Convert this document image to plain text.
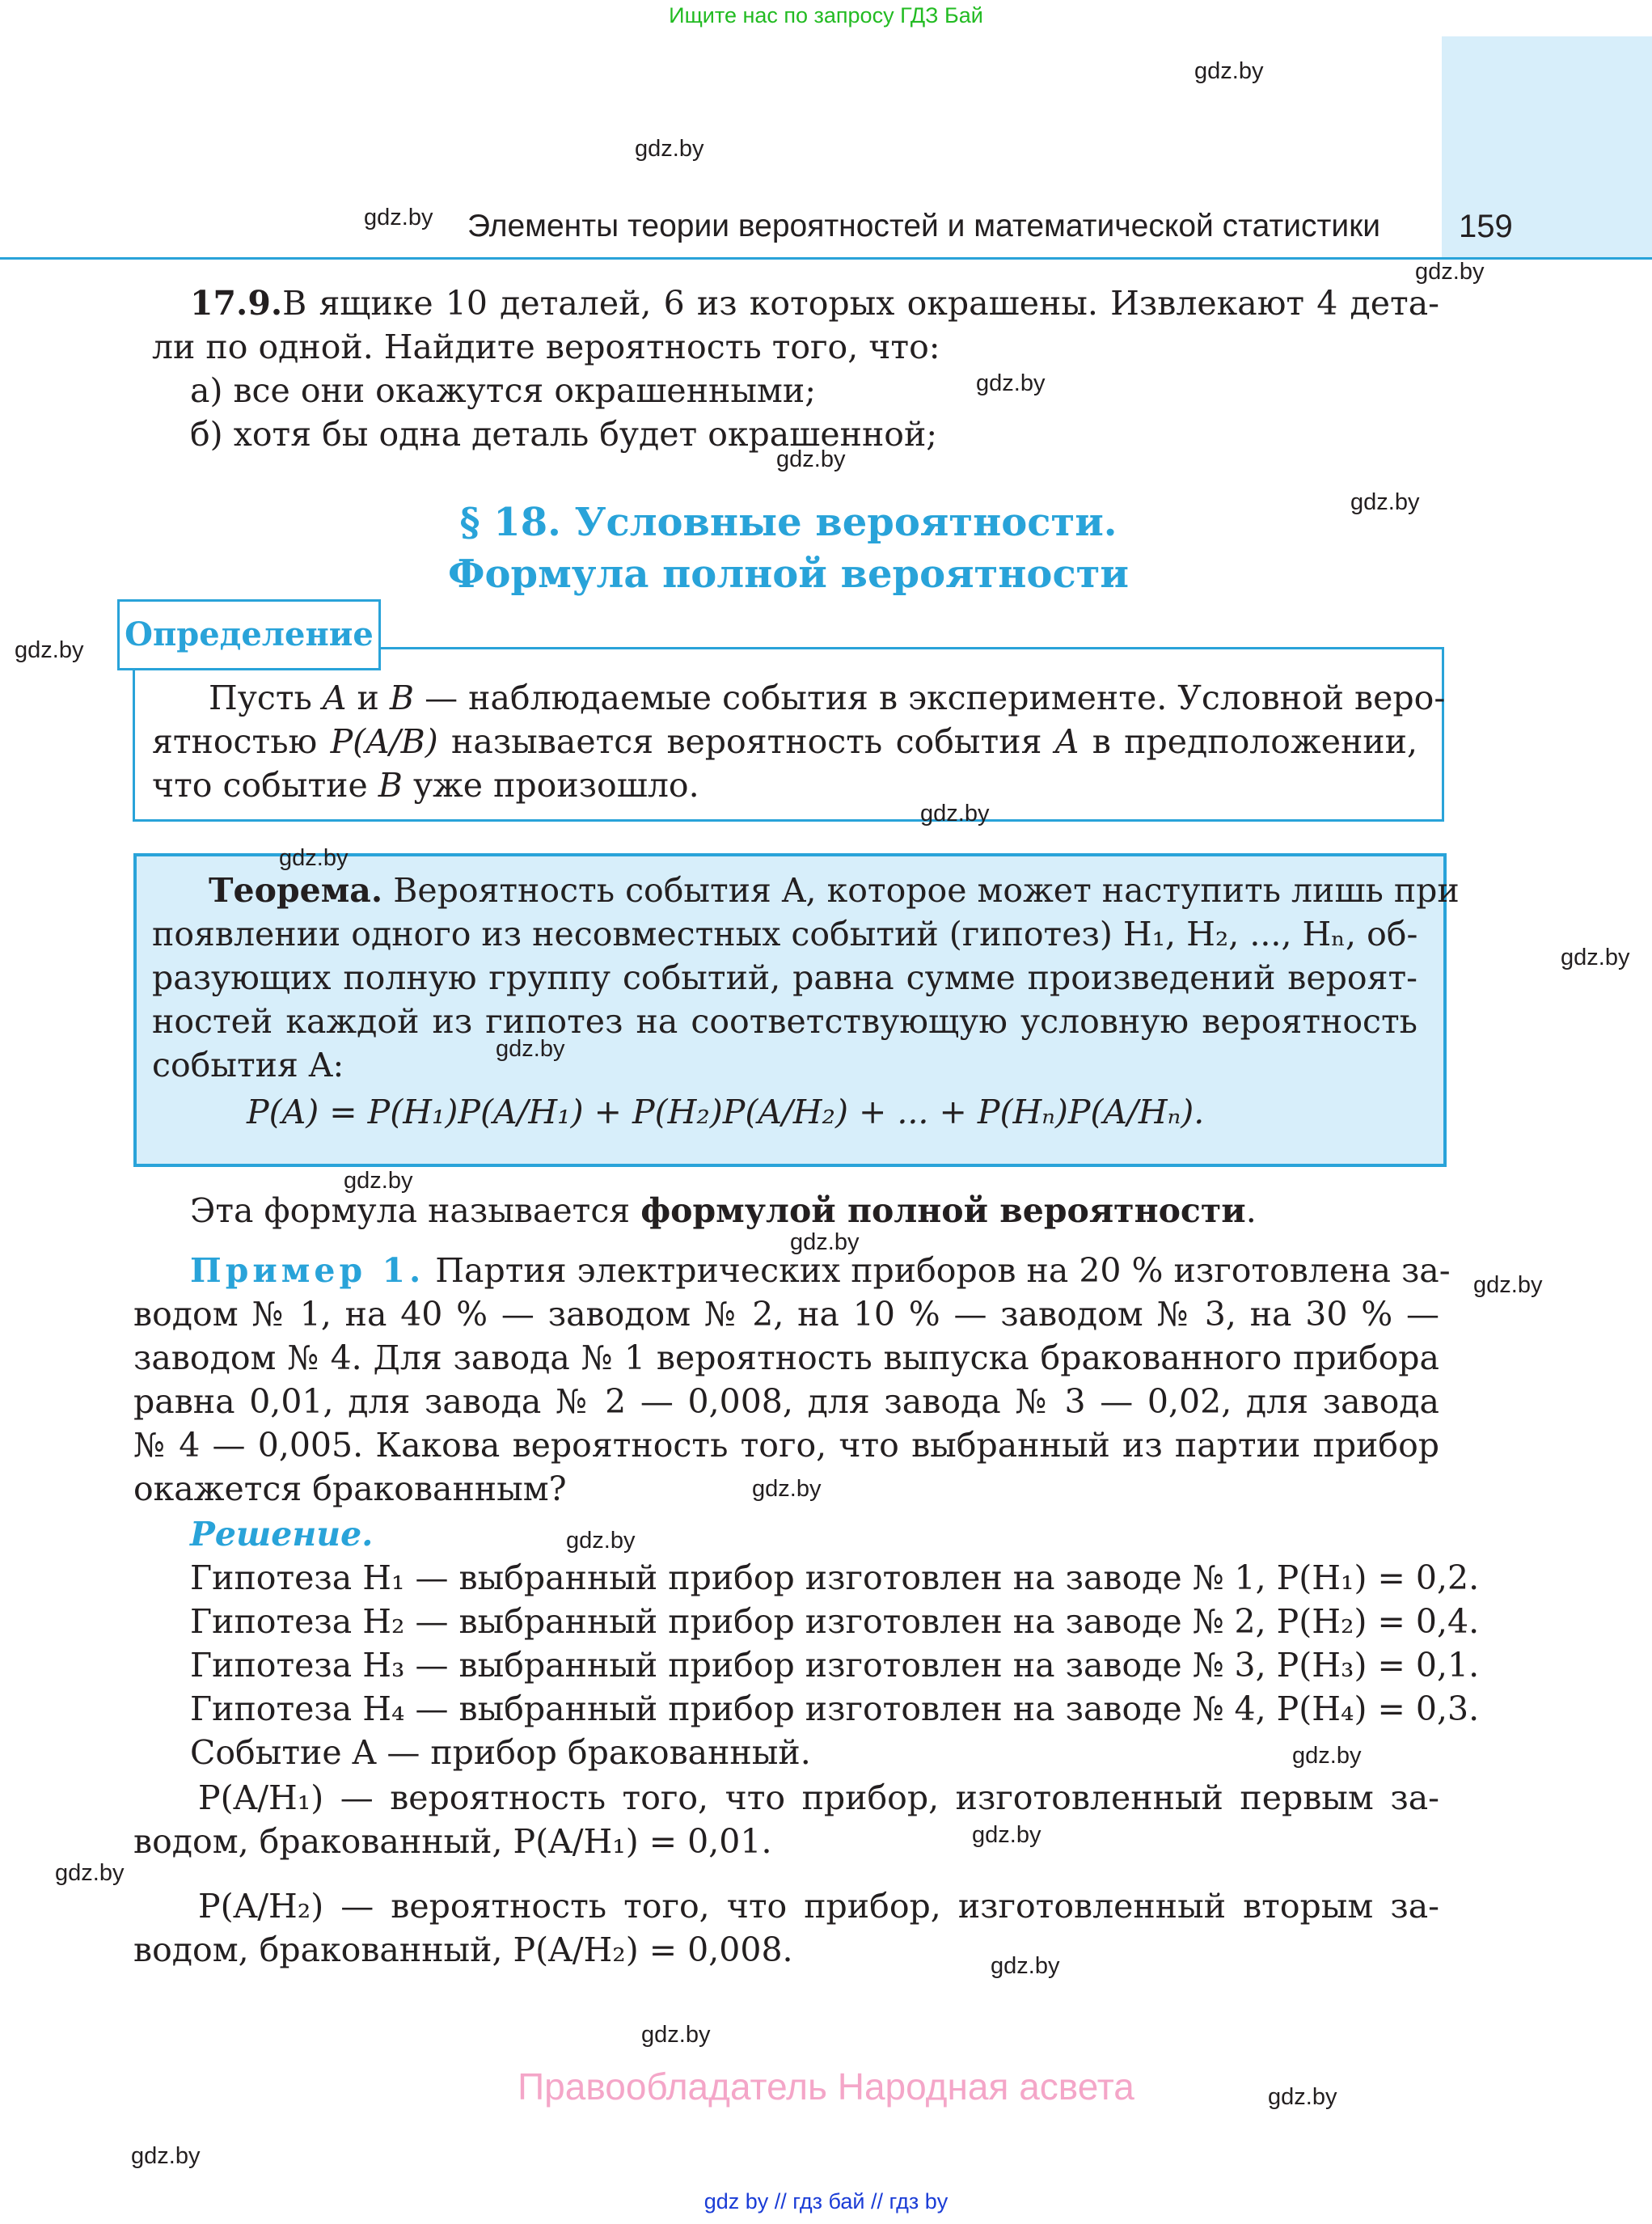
Ищите нас по запросу ГДЗ Бай
Элементы теории вероятностей и математической статистики 159
17.9.В ящике 10 деталей, 6 из которых окрашены. Извлекают 4 дета-
ли по одной. Найдите вероятность того, что:
а) все они окажутся окрашенными;
б) хотя бы одна деталь будет окрашенной;
§ 18. Условные вероятности.
Формула полной вероятности
Определение
Пусть A и B — наблюдаемые события в эксперименте. Условной веро-
ятностью P(A/B) называется вероятность события A в предположении,
что событие B уже произошло.
Теорема. Вероятность события A, которое может наступить лишь при
появлении одного из несовместных событий (гипотез) H₁, H₂, ..., Hₙ, об-
разующих полную группу событий, равна сумме произведений вероят-
ностей каждой из гипотез на соответствующую условную вероятность
события A:
P(A) = P(H₁)P(A/H₁) + P(H₂)P(A/H₂) + ... + P(Hₙ)P(A/Hₙ).
Эта формула называется формулой полной вероятности.
Пример 1. Партия электрических приборов на 20 % изготовлена за-
водом № 1, на 40 % — заводом № 2, на 10 % — заводом № 3, на 30 % —
заводом № 4. Для завода № 1 вероятность выпуска бракованного прибора
равна 0,01, для завода № 2 — 0,008, для завода № 3 — 0,02, для завода
№ 4 — 0,005. Какова вероятность того, что выбранный из партии прибор
окажется бракованным?
Решение.
Гипотеза H₁ — выбранный прибор изготовлен на заводе № 1, P(H₁) = 0,2.
Гипотеза H₂ — выбранный прибор изготовлен на заводе № 2, P(H₂) = 0,4.
Гипотеза H₃ — выбранный прибор изготовлен на заводе № 3, P(H₃) = 0,1.
Гипотеза H₄ — выбранный прибор изготовлен на заводе № 4, P(H₄) = 0,3.
Событие A — прибор бракованный.
P(A/H₁) — вероятность того, что прибор, изготовленный первым за-
водом, бракованный, P(A/H₁) = 0,01.
P(A/H₂) — вероятность того, что прибор, изготовленный вторым за-
водом, бракованный, P(A/H₂) = 0,008.
Правообладатель Народная асвета
gdz by // гдз бай // гдз by
gdz.by
gdz.by
gdz.by
gdz.by
gdz.by
gdz.by
gdz.by
gdz.by
gdz.by
gdz.by
gdz.by
gdz.by
gdz.by
gdz.by
gdz.by
gdz.by
gdz.by
gdz.by
gdz.by
gdz.by
gdz.by
gdz.by
gdz.by
gdz.by
